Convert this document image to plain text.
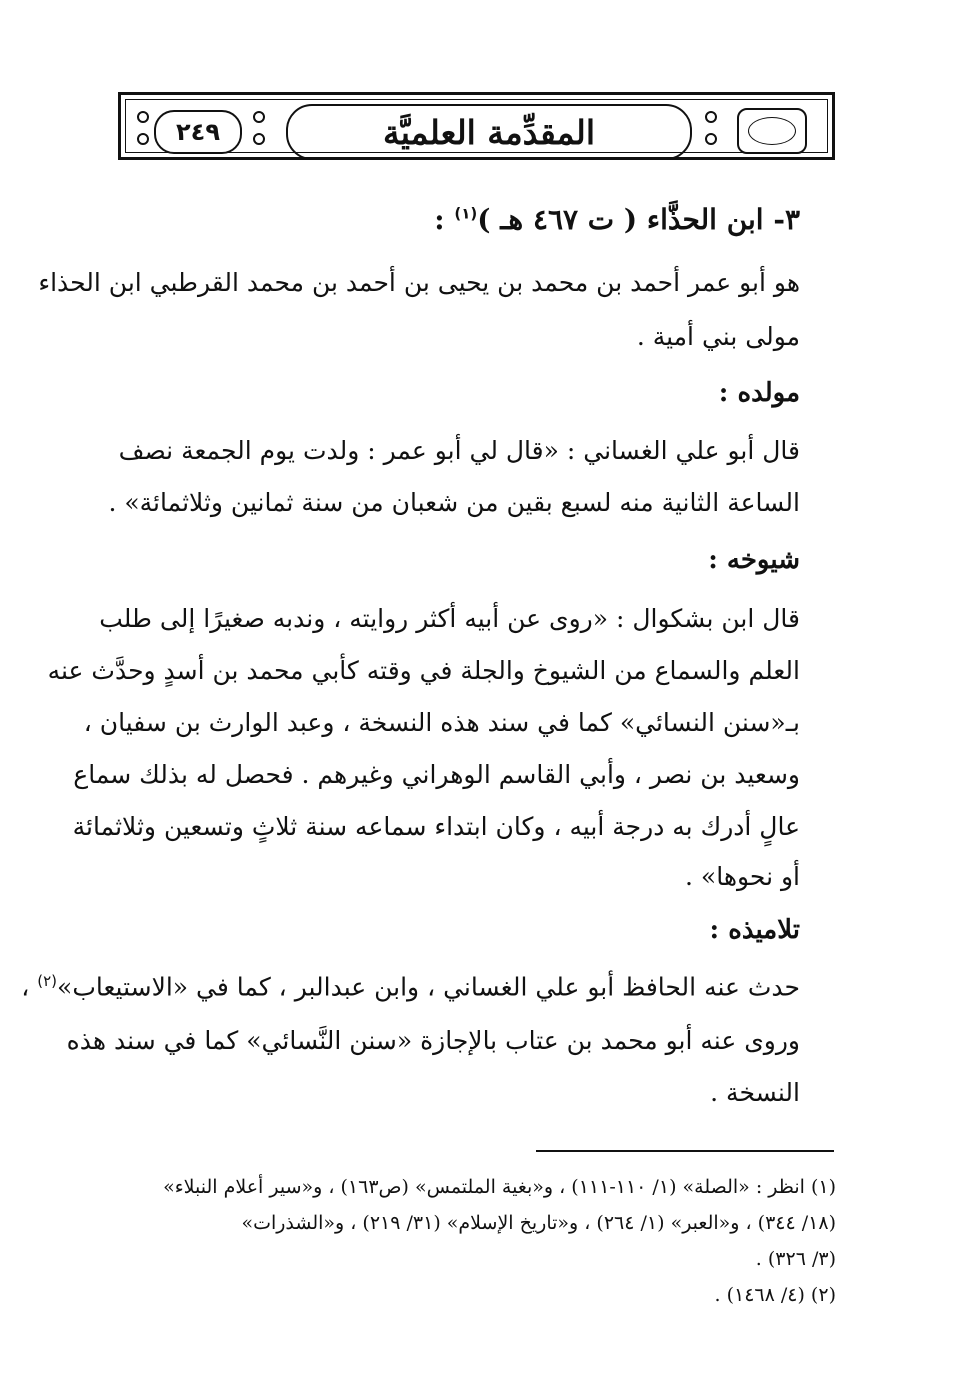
٢٤٩	المقدِّمة العلميَّة
٣- ابن الحذَّاء ( ت ٤٦٧ هـ )$^{(١)}$ :
هو أبو عمر أحمد بن محمد بن يحيى بن أحمد بن محمد القرطبي ابن الحذاء
مولى بني أمية .
مولده :
قال أبو علي الغساني : «قال لي أبو عمر : ولدت يوم الجمعة نصف
الساعة الثانية منه لسبع بقين من شعبان من سنة ثمانين وثلاثمائة» .
شيوخه :
قال ابن بشكوال : «روى عن أبيه أكثر روايته ، وندبه صغيرًا إلى طلب
العلم والسماع من الشيوخ والجلة في وقته كأبي محمد بن أسدٍ وحدَّث عنه
بـ«سنن النسائي» كما في سند هذه النسخة ، وعبد الوارث بن سفيان ،
وسعيد بن نصر ، وأبي القاسم الوهراني وغيرهم . فحصل له بذلك سماع
عالٍ أدرك به درجة أبيه ، وكان ابتداء سماعه سنة ثلاثٍ وتسعين وثلاثمائة
أو نحوها» .
تلاميذه :
حدث عنه الحافظ أبو علي الغساني ، وابن عبدالبر ، كما في «الاستيعاب»$^{(٢)}$ ،
وروى عنه أبو محمد بن عتاب بالإجازة «سنن النَّسائي» كما في سند هذه
النسخة .
(١) انظر : «الصلة» (١/ ١١٠-١١١) ، و«بغية الملتمس» (ص١٦٣) ، و«سير أعلام النبلاء»
(١٨/ ٣٤٤) ، و«العبر» (١/ ٢٦٤) ، و«تاريخ الإسلام» (٣١/ ٢١٩) ، و«الشذرات»
(٣/ ٣٢٦) .
(٢) (٤/ ١٤٦٨) .
